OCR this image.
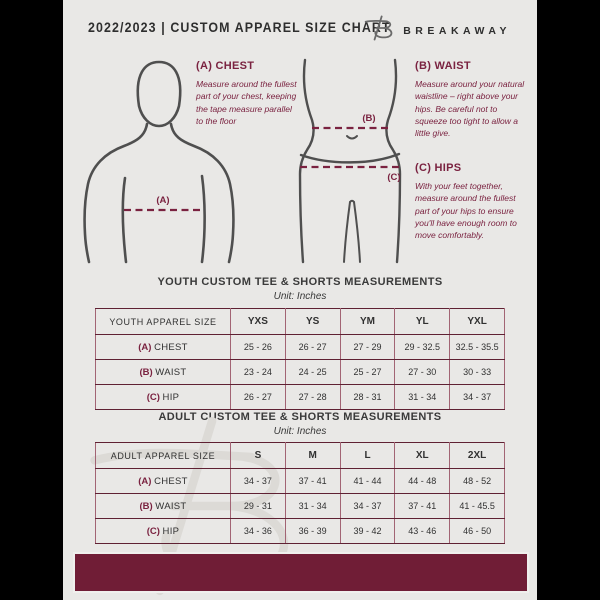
2022/2023 | CUSTOM APPAREL SIZE CHART BREAKAWAY
(A)
(A) CHEST

Measure around the fullest part of your chest, keeping the tape measure parallel to the floor	(B)
(C)
(B) WAIST

Measure around your natural waistline – right above your hips. Be careful not to squeeze too tight to allow a little give.

(C) HIPS

With your feet together, measure around the fullest part of your hips to ensure you'll have enough room to move comfortably.

YOUTH CUSTOM TEE & SHORTS MEASUREMENTS
Unit: Inches
YOUTH APPAREL SIZE	YXS	YS	YM	YL	YXL
(A) CHEST	25 - 26	26 - 27	27 - 29	29 - 32.5	32.5 - 35.5
(B) WAIST	23 - 24	24 - 25	25 - 27	27 - 30	30 - 33
(C) HIP	26 - 27	27 - 28	28 - 31	31 - 34	34 - 37
ADULT CUSTOM TEE & SHORTS MEASUREMENTS
Unit: Inches
ADULT APPAREL SIZE	S	M	L	XL	2XL
(A) CHEST	34 - 37	37 - 41	41 - 44	44 - 48	48 - 52
(B) WAIST	29 - 31	31 - 34	34 - 37	37 - 41	41 - 45.5
(C) HIP	34 - 36	36 - 39	39 - 42	43 - 46	46 - 50
